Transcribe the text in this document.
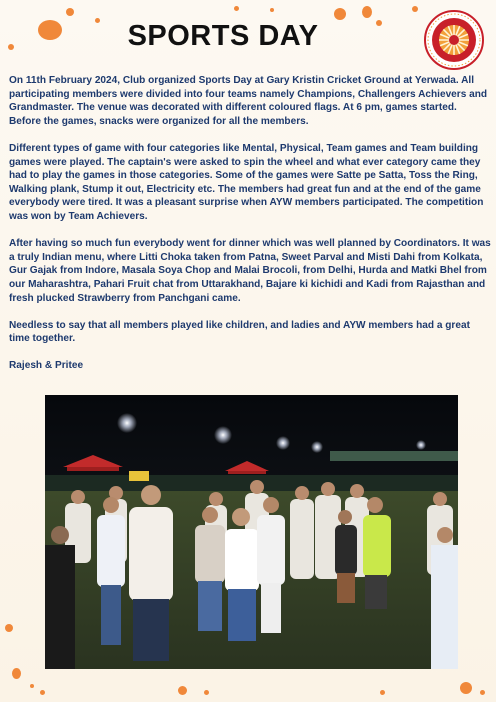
SPORTS DAY

On 11th February 2024, Club organized Sports Day at Gary Kristin Cricket Ground at Yerwada. All participating members were divided into four teams namely Champions, Challengers Achievers and Grandmaster. The venue was decorated with different coloured flags. At 6 pm, games started. Before the games, snacks were organized for all the members.

Different types of game with four categories like Mental, Physical, Team games and Team building games were played. The captain's were asked to spin the wheel and what ever category came they had to play the games in those categories. Some of the games were Satte pe Satta, Toss the Ring, Walking plank, Stump it out, Electricity etc. The members had great fun and at the end of the game everybody were tired. It was a pleasant surprise when AYW members participated. The competition was won by Team Achievers.

After having so much fun everybody went for dinner which was well planned by Coordinators. It was a truly Indian menu, where Litti Choka taken from Patna, Sweet Parval and Misti Dahi from Kolkata, Gur Gajak from Indore, Masala Soya Chop and Malai Brocoli, from Delhi, Hurda and Matki Bhel from our Maharashtra, Pahari Fruit chat from Uttarakhand, Bajare ki kichidi and Kadi from Rajasthan and fresh plucked Strawberry from Panchgani came.

Needless to say that all members played like children, and ladies and AYW members had a great time together.

Rajesh & Pritee
